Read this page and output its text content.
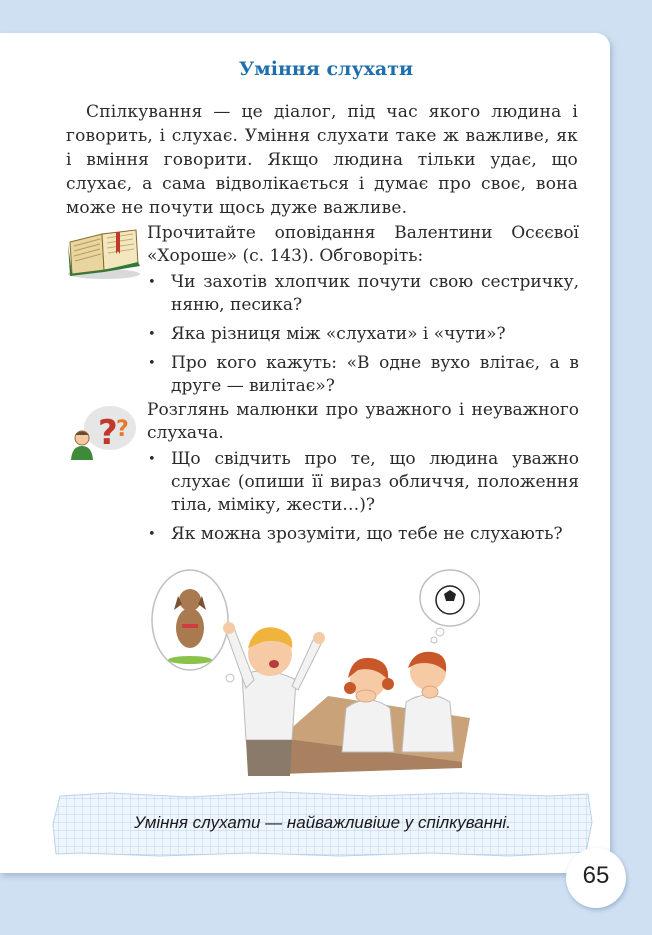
Уміння слухати
Спілкування — це діалог, під час якого людина і говорить, і слухає. Уміння слухати таке ж важливе, як і вміння говорити. Якщо людина тільки удає, що слухає, а сама відволікається і думає про своє, вона може не почути щось дуже важливе.
Прочитайте оповідання Валентини Осєєвої «Хороше» (с. 143). Обговоріть:
• Чи захотів хлопчик почути свою сестричку, няню, песика?
• Яка різниця між «слухати» і «чути»?
• Про кого кажуть: «В одне вухо влітає, а в друге — вилітає»?
?
?
Розглянь малюнки про уважного і неуважного слухача.
• Що свідчить про те, що людина уважно слухає (опиши її вираз обличчя, положення тіла, міміку, жести…)?
• Як можна зрозуміти, що тебе не слухають?
Уміння слухати — найважливіше у спілкуванні.
65
